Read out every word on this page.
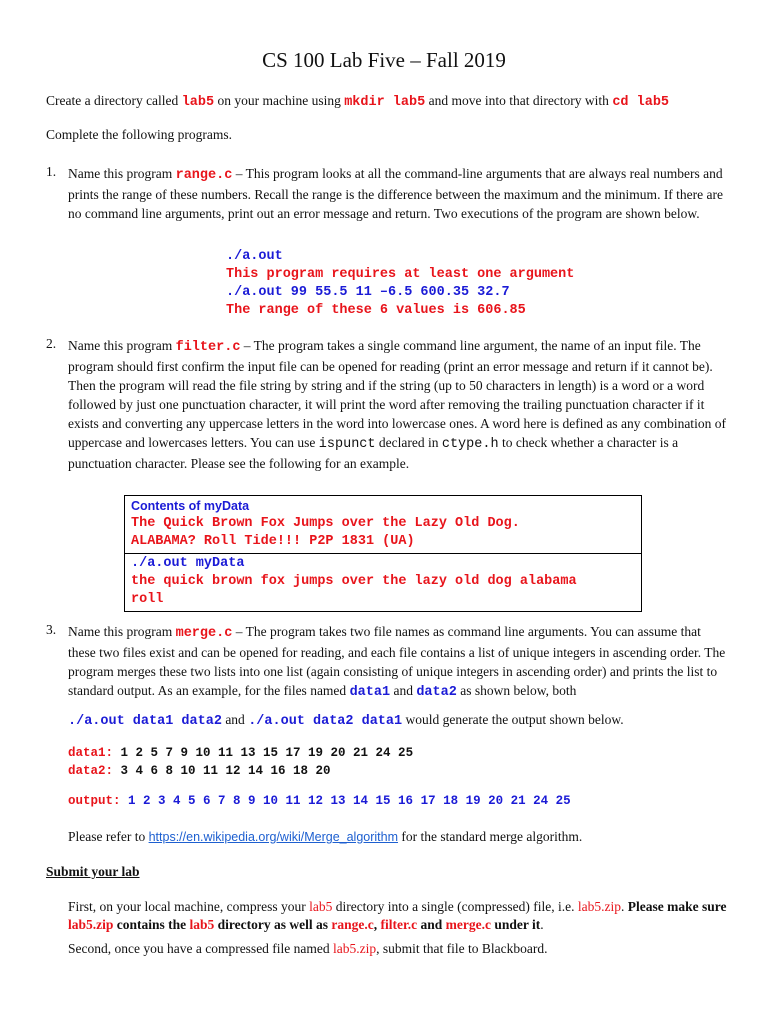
CS 100 Lab Five – Fall 2019
Create a directory called lab5 on your machine using mkdir lab5 and move into that directory with cd lab5
Complete the following programs.
1. Name this program range.c – This program looks at all the command-line arguments that are always real numbers and prints the range of these numbers. Recall the range is the difference between the maximum and the minimum. If there are no command line arguments, print out an error message and return. Two executions of the program are shown below.
./a.out
This program requires at least one argument
./a.out 99 55.5 11 –6.5 600.35 32.7
The range of these 6 values is 606.85
2. Name this program filter.c – The program takes a single command line argument, the name of an input file. The program should first confirm the input file can be opened for reading (print an error message and return if it cannot be). Then the program will read the file string by string and if the string (up to 50 characters in length) is a word or a word followed by just one punctuation character, it will print the word after removing the trailing punctuation character if it exists and converting any uppercase letters in the word into lowercase ones. A word here is defined as any combination of uppercase and lowercases letters. You can use ispunct declared in ctype.h to check whether a character is a punctuation character. Please see the following for an example.
Contents of myData
The Quick Brown Fox Jumps over the Lazy Old Dog.
ALABAMA? Roll Tide!!! P2P 1831 (UA)
./a.out myData
the quick brown fox jumps over the lazy old dog alabama
roll
3. Name this program merge.c – The program takes two file names as command line arguments. You can assume that these two files exist and can be opened for reading, and each file contains a list of unique integers in ascending order. The program merges these two lists into one list (again consisting of unique integers in ascending order) and prints the list to standard output. As an example, for the files named data1 and data2 as shown below, both
./a.out data1 data2 and ./a.out data2 data1 would generate the output shown below.
data1: 1 2 5 7 9 10 11 13 15 17 19 20 21 24 25
data2: 3 4 6 8 10 11 12 14 16 18 20
output: 1 2 3 4 5 6 7 8 9 10 11 12 13 14 15 16 17 18 19 20 21 24 25
Please refer to https://en.wikipedia.org/wiki/Merge_algorithm for the standard merge algorithm.
Submit your lab
First, on your local machine, compress your lab5 directory into a single (compressed) file, i.e. lab5.zip. Please make sure lab5.zip contains the lab5 directory as well as range.c, filter.c and merge.c under it.
Second, once you have a compressed file named lab5.zip, submit that file to Blackboard.
